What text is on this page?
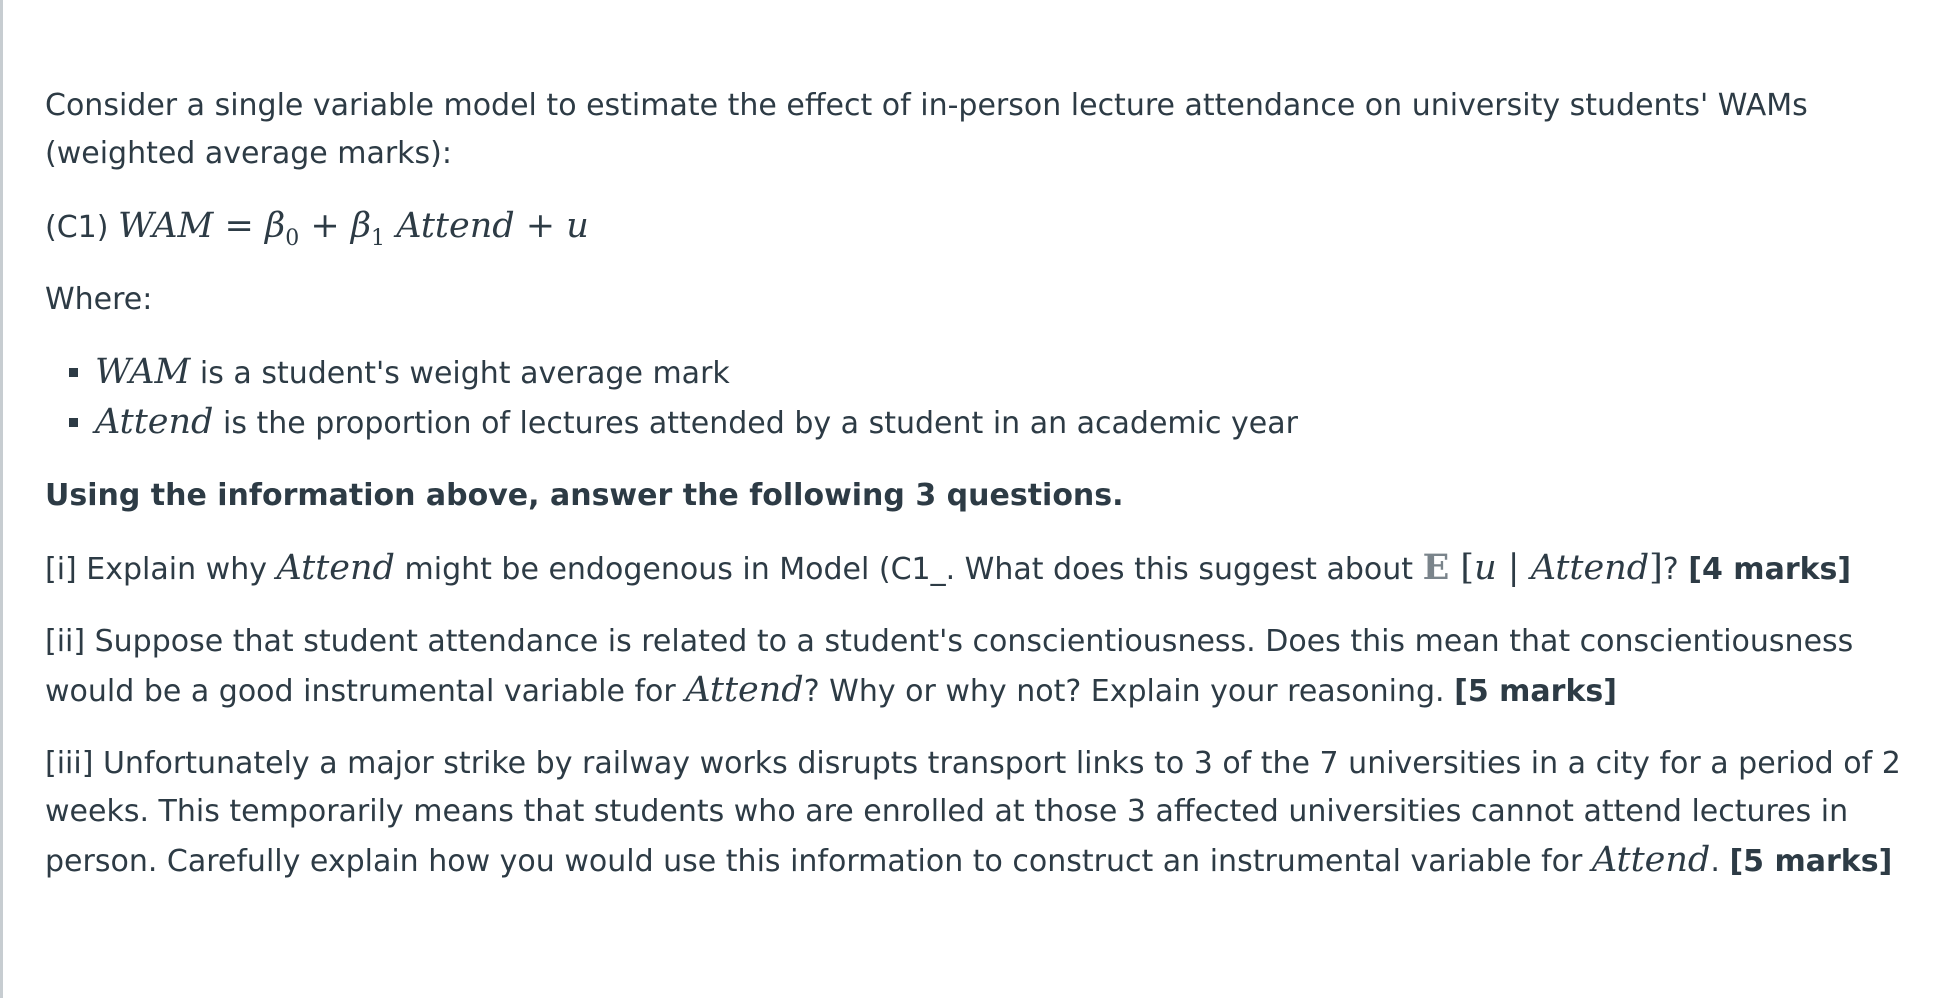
Consider a single variable model to estimate the effect of in-person lecture attendance on university students' WAMs (weighted average marks):

(C1) WAM = $\beta_0 + \beta_1$ Attend + u

Where:

WAM is a student's weight average mark
Attend is the proportion of lectures attended by a student in an academic year

Using the information above, answer the following 3 questions.

[i] Explain why Attend might be endogenous in Model (C1_. What does this suggest about E [u | Attend]? [4 marks]

[ii] Suppose that student attendance is related to a student's conscientiousness. Does this mean that conscientiousness would be a good instrumental variable for Attend? Why or why not? Explain your reasoning. [5 marks]

[iii] Unfortunately a major strike by railway works disrupts transport links to 3 of the 7 universities in a city for a period of 2 weeks. This temporarily means that students who are enrolled at those 3 affected universities cannot attend lectures in person. Carefully explain how you would use this information to construct an instrumental variable for Attend. [5 marks]
